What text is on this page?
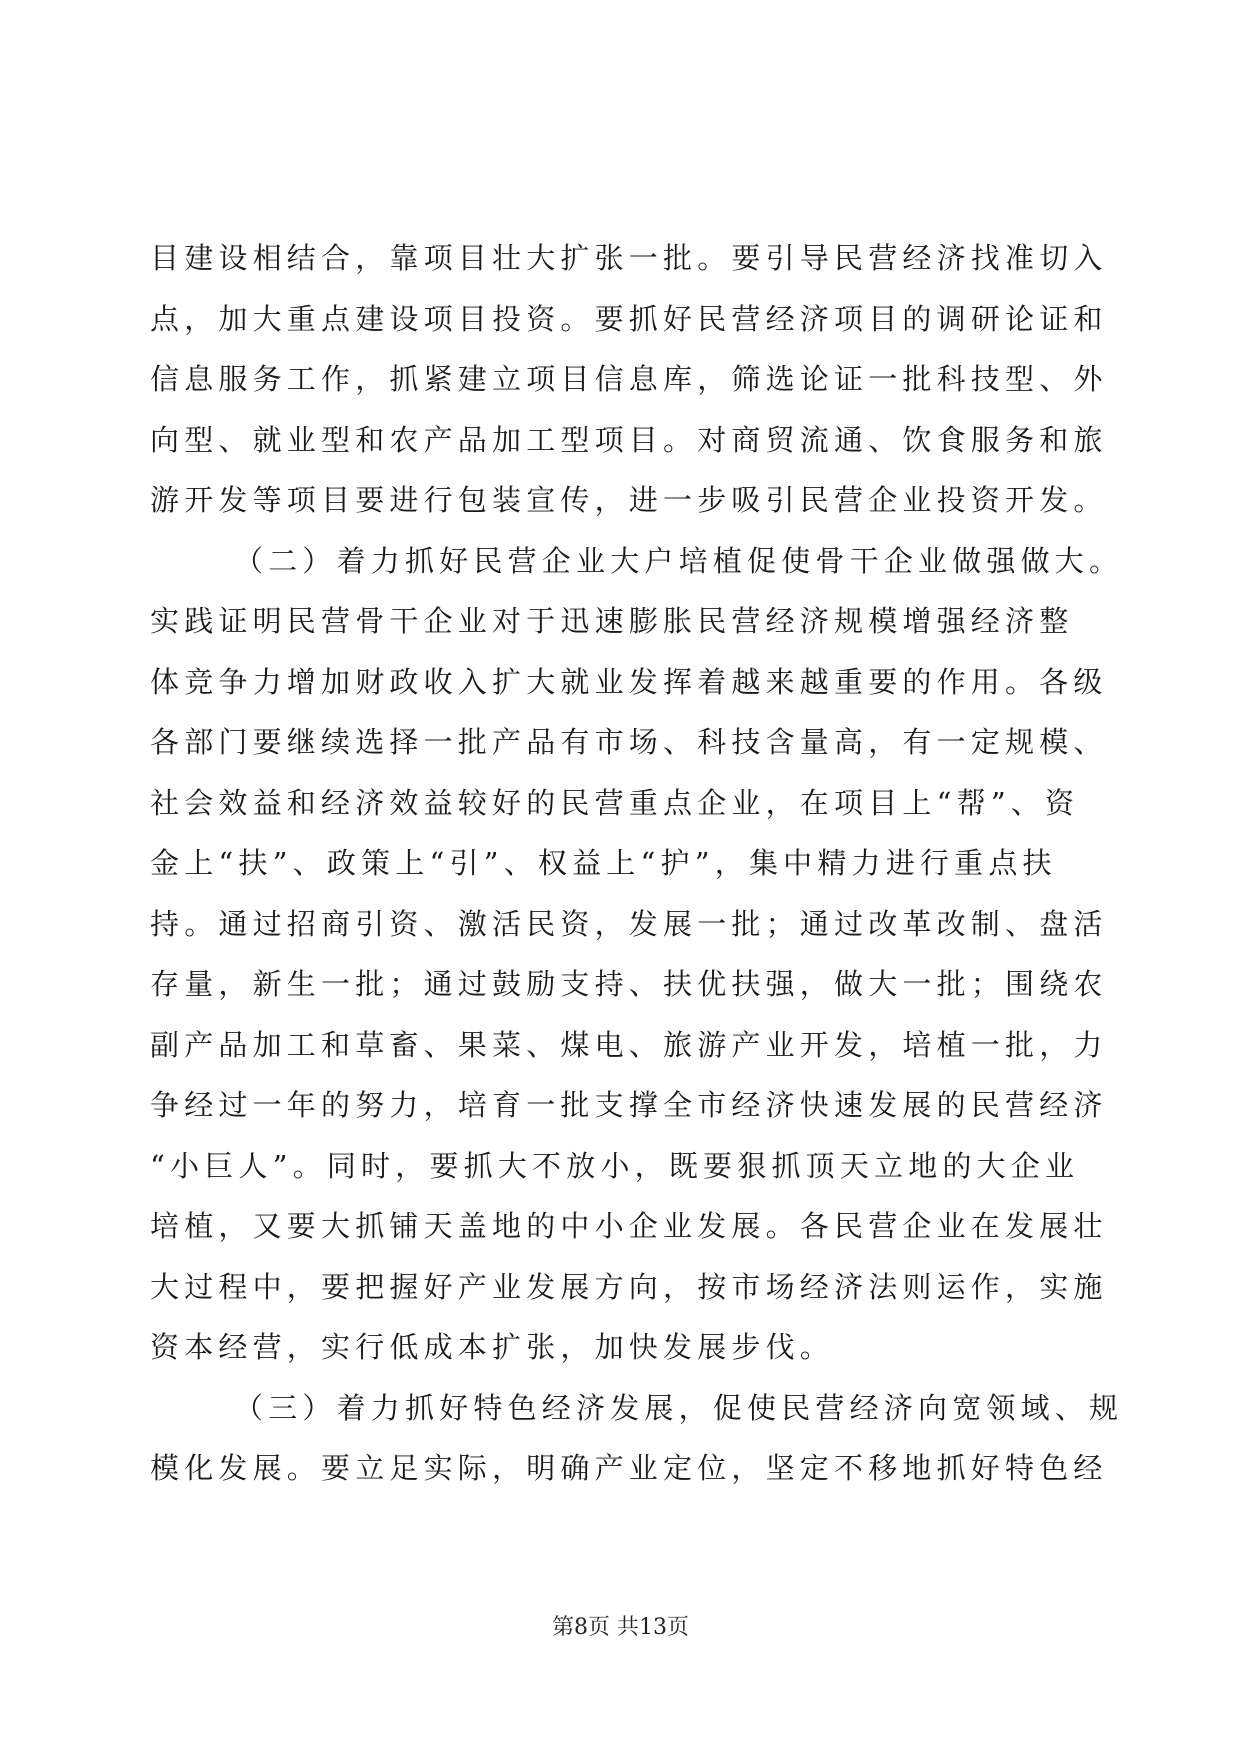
目建设相结合，靠项目壮大扩张一批。要引导民营经济找准切入
点，加大重点建设项目投资。要抓好民营经济项目的调研论证和
信息服务工作，抓紧建立项目信息库，筛选论证一批科技型、外
向型、就业型和农产品加工型项目。对商贸流通、饮食服务和旅
游开发等项目要进行包装宣传，进一步吸引民营企业投资开发。
（二）着力抓好民营企业大户培植促使骨干企业做强做大。
实践证明民营骨干企业对于迅速膨胀民营经济规模增强经济整
体竞争力增加财政收入扩大就业发挥着越来越重要的作用。各级
各部门要继续选择一批产品有市场、科技含量高，有一定规模、
社会效益和经济效益较好的民营重点企业，在项目上“帮”、资
金上“扶”、政策上“引”、权益上“护”，集中精力进行重点扶
持。通过招商引资、激活民资，发展一批；通过改革改制、盘活
存量，新生一批；通过鼓励支持、扶优扶强，做大一批；围绕农
副产品加工和草畜、果菜、煤电、旅游产业开发，培植一批，力
争经过一年的努力，培育一批支撑全市经济快速发展的民营经济
“小巨人”。同时，要抓大不放小，既要狠抓顶天立地的大企业
培植，又要大抓铺天盖地的中小企业发展。各民营企业在发展壮
大过程中，要把握好产业发展方向，按市场经济法则运作，实施
资本经营，实行低成本扩张，加快发展步伐。
（三）着力抓好特色经济发展，促使民营经济向宽领域、规
模化发展。要立足实际，明确产业定位，坚定不移地抓好特色经
第8页 共13页
